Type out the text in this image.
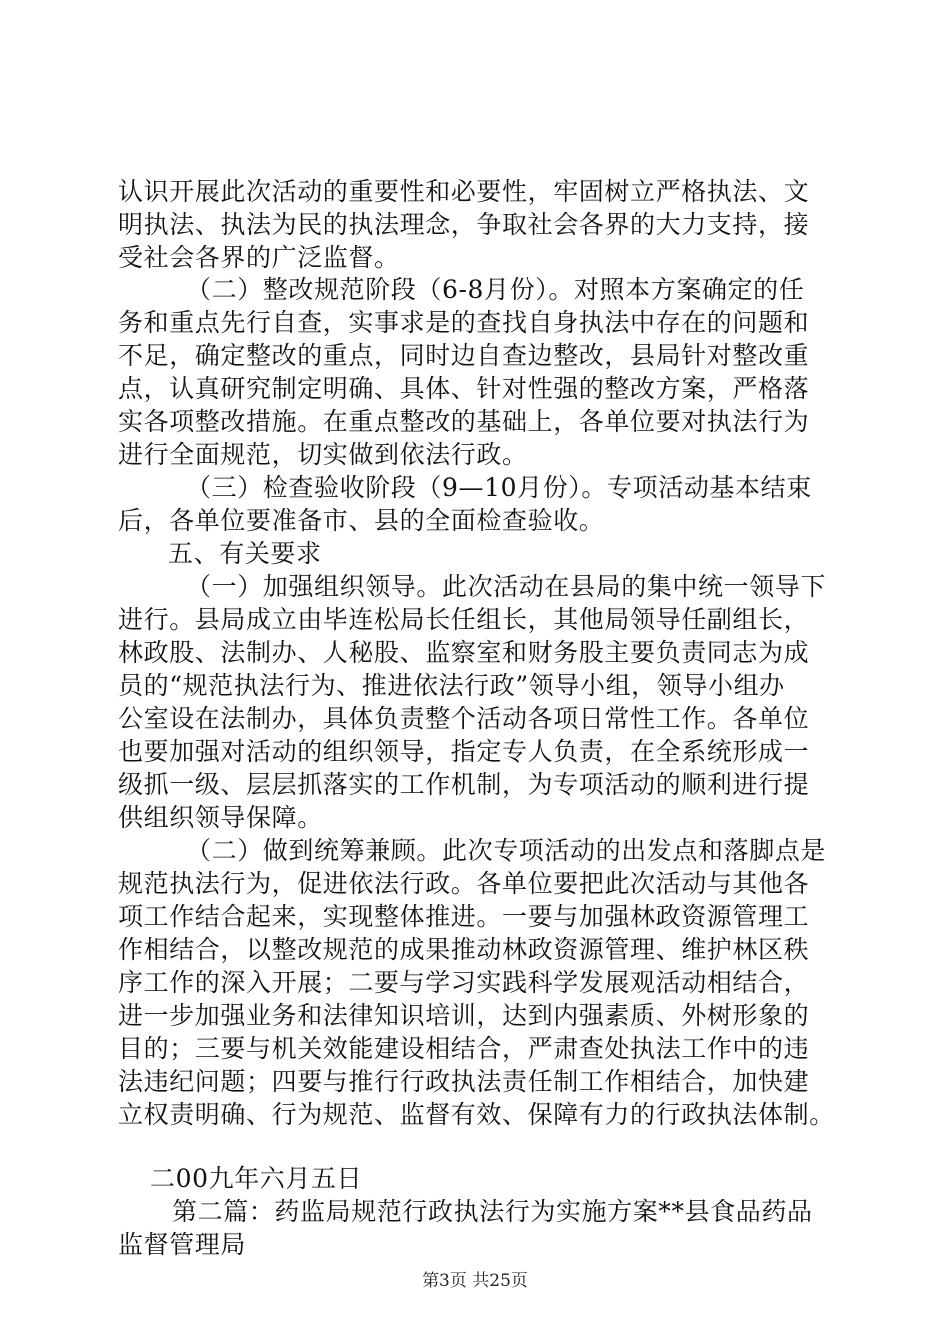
认识开展此次活动的重要性和必要性，牢固树立严格执法、文
明执法、执法为民的执法理念，争取社会各界的大力支持，接
受社会各界的广泛监督。
（二）整改规范阶段（6-8月份）。对照本方案确定的任
务和重点先行自查，实事求是的查找自身执法中存在的问题和
不足，确定整改的重点，同时边自查边整改，县局针对整改重
点，认真研究制定明确、具体、针对性强的整改方案，严格落
实各项整改措施。在重点整改的基础上，各单位要对执法行为
进行全面规范，切实做到依法行政。
（三）检查验收阶段（9—10月份）。专项活动基本结束
后，各单位要准备市、县的全面检查验收。
五、有关要求
（一）加强组织领导。此次活动在县局的集中统一领导下
进行。县局成立由毕连松局长任组长，其他局领导任副组长，
林政股、法制办、人秘股、监察室和财务股主要负责同志为成
员的“规范执法行为、推进依法行政”领导小组，领导小组办
公室设在法制办，具体负责整个活动各项日常性工作。各单位
也要加强对活动的组织领导，指定专人负责，在全系统形成一
级抓一级、层层抓落实的工作机制，为专项活动的顺利进行提
供组织领导保障。
（二）做到统筹兼顾。此次专项活动的出发点和落脚点是
规范执法行为，促进依法行政。各单位要把此次活动与其他各
项工作结合起来，实现整体推进。一要与加强林政资源管理工
作相结合，以整改规范的成果推动林政资源管理、维护林区秩
序工作的深入开展；二要与学习实践科学发展观活动相结合，
进一步加强业务和法律知识培训，达到内强素质、外树形象的
目的；三要与机关效能建设相结合，严肃查处执法工作中的违
法违纪问题；四要与推行行政执法责任制工作相结合，加快建
立权责明确、行为规范、监督有效、保障有力的行政执法体制。
二00九年六月五日
第二篇：药监局规范行政执法行为实施方案**县食品药品
监督管理局
第3页 共25页
